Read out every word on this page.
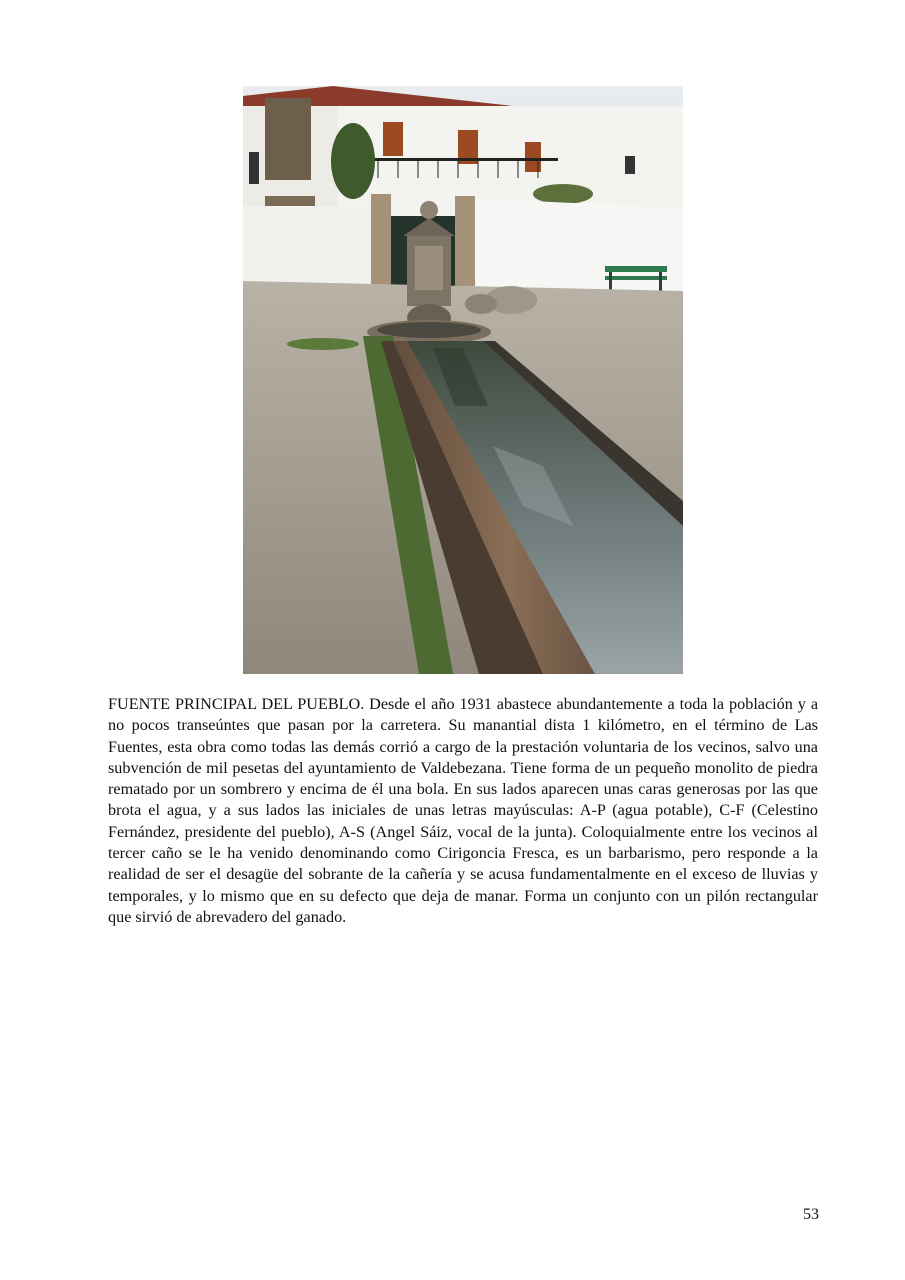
FUENTE PRINCIPAL DEL PUEBLO. Desde el año 1931 abastece abundantemente a toda la población y a no pocos transeúntes que pasan por la carretera. Su manantial dista 1 kilómetro, en el término de Las Fuentes, esta obra como todas las demás corrió a cargo de la prestación voluntaria de los vecinos, salvo una subvención de mil pesetas del ayuntamiento de Valdebezana. Tiene forma de un pequeño monolito de piedra rematado por un sombrero y encima de él una bola. En sus lados aparecen unas caras generosas por las que brota el agua, y a sus lados las iniciales de unas letras mayúsculas: A-P (agua potable), C-F (Celestino Fernández, presidente del pueblo), A-S (Angel Sáiz, vocal de la junta). Coloquialmente entre los vecinos al tercer caño se le ha venido denominando como Cirigoncia Fresca, es un barbarismo, pero responde a la realidad de ser el desagüe del sobrante de la cañería y se acusa fundamentalmente en el exceso de lluvias y temporales, y lo mismo que en su defecto que deja de manar. Forma un conjunto con un pilón rectangular que sirvió de abrevadero del ganado.

53
